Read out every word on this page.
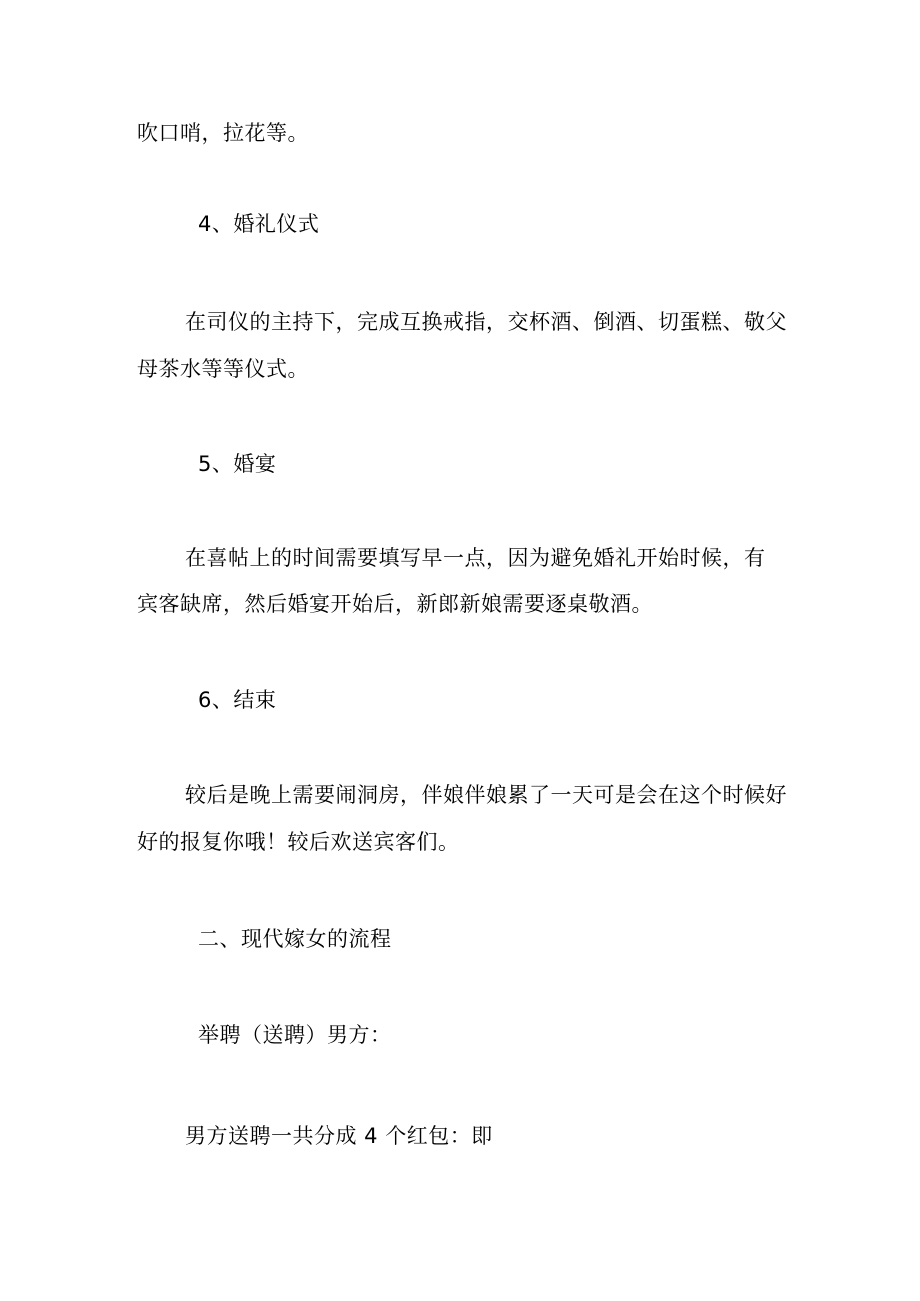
吹口哨，拉花等。
4、婚礼仪式
在司仪的主持下，完成互换戒指，交杯酒、倒酒、切蛋糕、敬父
母茶水等等仪式。
5、婚宴
在喜帖上的时间需要填写早一点，因为避免婚礼开始时候，有
宾客缺席，然后婚宴开始后，新郎新娘需要逐桌敬酒。
6、结束
较后是晚上需要闹洞房，伴娘伴娘累了一天可是会在这个时候好
好的报复你哦！较后欢送宾客们。
二、现代嫁女的流程
举聘（送聘）男方：
男方送聘一共分成 4 个红包：即
